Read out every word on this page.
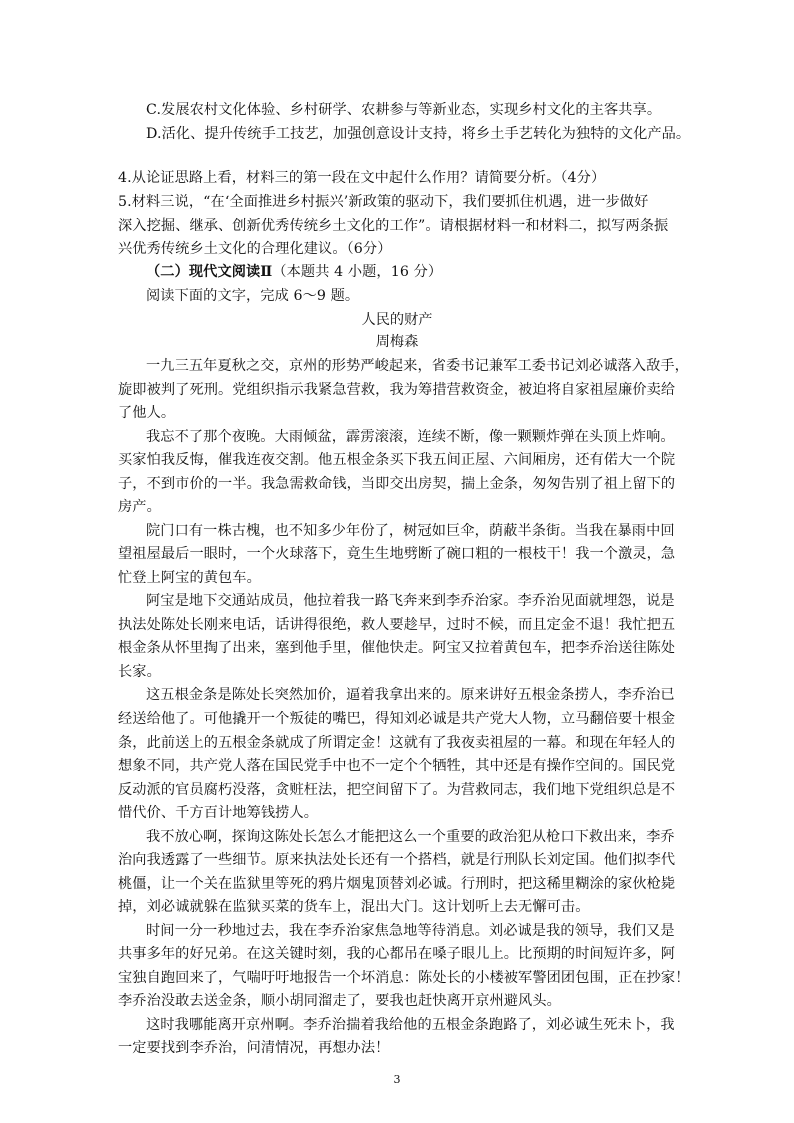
C.发展农村文化体验、乡村研学、农耕参与等新业态，实现乡村文化的主客共享。
D.活化、提升传统手工技艺，加强创意设计支持，将乡土手艺转化为独特的文化产品。
4.从论证思路上看，材料三的第一段在文中起什么作用？请简要分析。（4分）
5.材料三说，“在‘全面推进乡村振兴’新政策的驱动下，我们要抓住机遇，进一步做好
深入挖掘、继承、创新优秀传统乡土文化的工作”。请根据材料一和材料二，拟写两条振
兴优秀传统乡土文化的合理化建议。（6分）
（二）现代文阅读Ⅱ（本题共 4 小题，16 分）
阅读下面的文字，完成 6～9 题。
人民的财产
周梅森
一九三五年夏秋之交，京州的形势严峻起来，省委书记兼军工委书记刘必诚落入敌手，
旋即被判了死刑。党组织指示我紧急营救，我为筹措营救资金，被迫将自家祖屋廉价卖给
了他人。
我忘不了那个夜晚。大雨倾盆，霹雳滚滚，连续不断，像一颗颗炸弹在头顶上炸响。
买家怕我反悔，催我连夜交割。他五根金条买下我五间正屋、六间厢房，还有偌大一个院
子，不到市价的一半。我急需救命钱，当即交出房契，揣上金条，匆匆告别了祖上留下的
房产。
院门口有一株古槐，也不知多少年份了，树冠如巨伞，荫蔽半条街。当我在暴雨中回
望祖屋最后一眼时，一个火球落下，竟生生地劈断了碗口粗的一根枝干！我一个激灵，急
忙登上阿宝的黄包车。
阿宝是地下交通站成员，他拉着我一路飞奔来到李乔治家。李乔治见面就埋怨，说是
执法处陈处长刚来电话，话讲得很绝，救人要趁早，过时不候，而且定金不退！我忙把五
根金条从怀里掏了出来，塞到他手里，催他快走。阿宝又拉着黄包车，把李乔治送往陈处
长家。
这五根金条是陈处长突然加价，逼着我拿出来的。原来讲好五根金条捞人，李乔治已
经送给他了。可他撬开一个叛徒的嘴巴，得知刘必诚是共产党大人物，立马翻倍要十根金
条，此前送上的五根金条就成了所谓定金！这就有了我夜卖祖屋的一幕。和现在年轻人的
想象不同，共产党人落在国民党手中也不一定个个牺牲，其中还是有操作空间的。国民党
反动派的官员腐朽没落，贪赃枉法，把空间留下了。为营救同志，我们地下党组织总是不
惜代价、千方百计地筹钱捞人。
我不放心啊，探询这陈处长怎么才能把这么一个重要的政治犯从枪口下救出来，李乔
治向我透露了一些细节。原来执法处长还有一个搭档，就是行刑队长刘定国。他们拟李代
桃僵，让一个关在监狱里等死的鸦片烟鬼顶替刘必诚。行刑时，把这稀里糊涂的家伙枪毙
掉，刘必诚就躲在监狱买菜的货车上，混出大门。这计划听上去无懈可击。
时间一分一秒地过去，我在李乔治家焦急地等待消息。刘必诚是我的领导，我们又是
共事多年的好兄弟。在这关键时刻，我的心都吊在嗓子眼儿上。比预期的时间短许多，阿
宝独自跑回来了，气喘吁吁地报告一个坏消息：陈处长的小楼被军警团团包围，正在抄家！
李乔治没敢去送金条，顺小胡同溜走了，要我也赶快离开京州避风头。
这时我哪能离开京州啊。李乔治揣着我给他的五根金条跑路了，刘必诚生死未卜，我
一定要找到李乔治，问清情况，再想办法！
3
